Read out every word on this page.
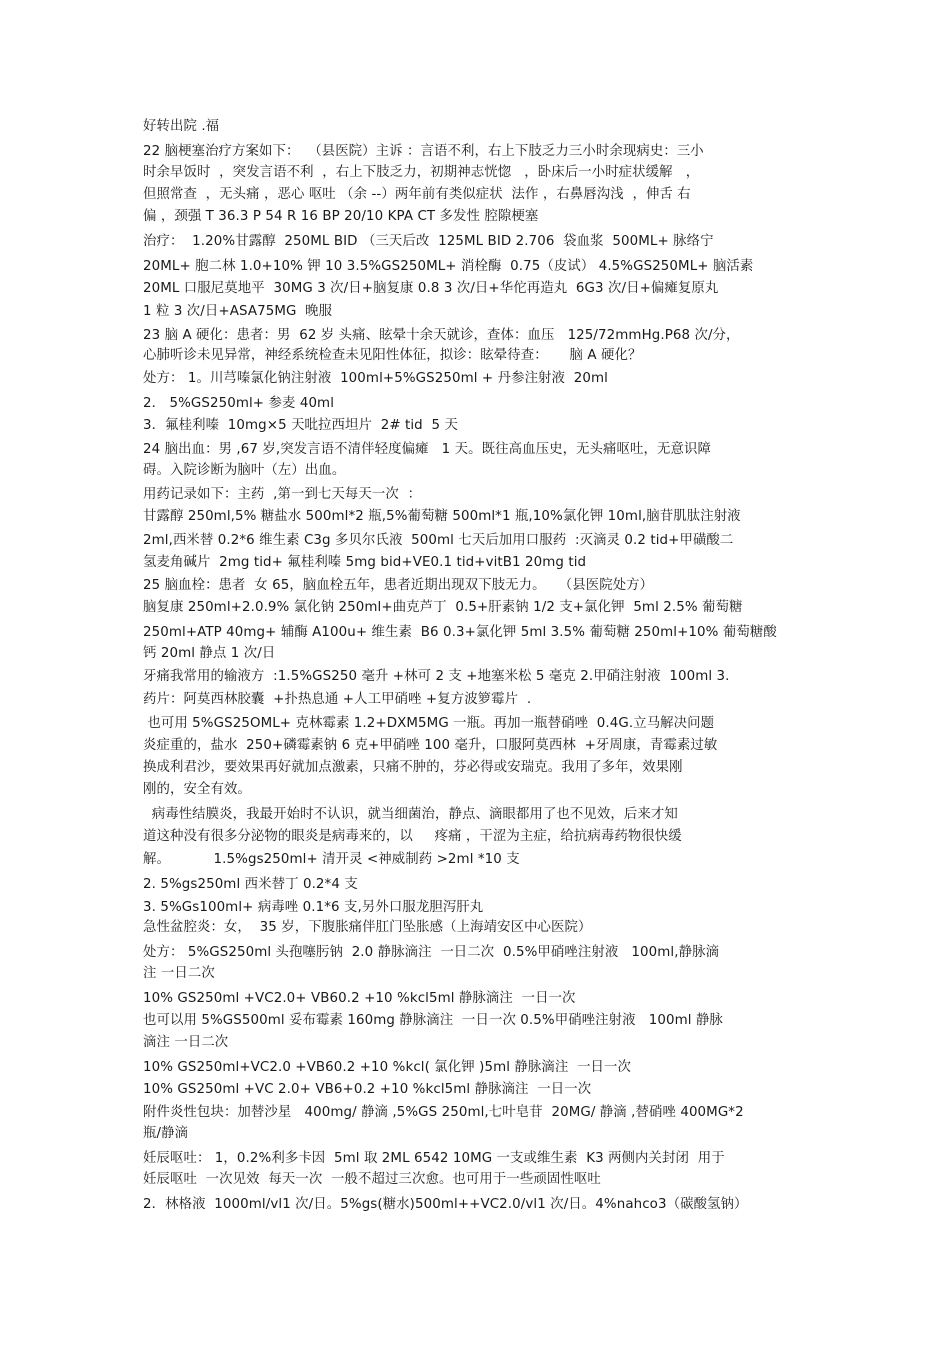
好转出院 .福
22 脑梗塞治疗方案如下：  （县医院）主诉 ：言语不利，右上下肢乏力三小时余现病史：三小
时余早饭时  ，突发言语不利  ，右上下肢乏力，初期神志恍惚   ，卧床后一小时症状缓解   ，
但照常查  ，无头痛 ，恶心 呕吐 （余 --）两年前有类似症状  法作 ，右鼻唇沟浅  ，伸舌 右
偏 ，颈强 T 36.3 P 54 R 16 BP 20/10 KPA CT 多发性 腔隙梗塞
治疗：  1.20%甘露醇  250ML BID （三天后改  125ML BID 2.706  袋血浆  500ML+ 脉络宁
20ML+ 胞二林 1.0+10% 钾 10 3.5%GS250ML+ 消栓酶  0.75（皮试） 4.5%GS250ML+ 脑活素
20ML 口服尼莫地平  30MG 3 次/日+脑复康 0.8 3 次/日+华佗再造丸  6G3 次/日+偏瘫复原丸
1 粒 3 次/日+ASA75MG  晚服
23 脑 A 硬化：患者：男  62 岁 头痛、眩晕十余天就诊，查体：血压   125/72mmHg.P68 次/分，
心肺听诊未见异常，神经系统检查未见阳性体征，拟诊：眩晕待查：     脑 A 硬化？
处方： 1。川芎嗪氯化钠注射液  100ml+5%GS250ml + 丹参注射液  20ml
2． 5%GS250ml+ 参麦 40ml
3．氟桂利嗪  10mg×5 天吡拉西坦片  2# tid  5 天
24 脑出血：男 ,67 岁,突发言语不清伴轻度偏瘫   1 天。既往高血压史，无头痛呕吐，无意识障
碍。入院诊断为脑叶（左）出血。
用药记录如下：主药  ,第一到七天每天一次  ：
甘露醇 250ml,5% 糖盐水 500ml*2 瓶,5%葡萄糖 500ml*1 瓶,10%氯化钾 10ml,脑苷肌肽注射液
2ml,西米替 0.2*6 维生素 C3g 多贝尔氏液  500ml 七天后加用口服药  :灭滴灵 0.2 tid+甲磺酸二
氢麦角碱片  2mg tid+ 氟桂利嗪 5mg bid+VE0.1 tid+vitB1 20mg tid
25 脑血栓：患者  女 65，脑血栓五年，患者近期出现双下肢无力。   （县医院处方）
脑复康 250ml+2.0.9% 氯化钠 250ml+曲克芦丁  0.5+肝素钠 1/2 支+氯化钾  5ml 2.5% 葡萄糖
250ml+ATP 40mg+ 辅酶 A100u+ 维生素  B6 0.3+氯化钾 5ml 3.5% 葡萄糖 250ml+10% 葡萄糖酸
钙 20ml 静点 1 次/日
牙痛我常用的输液方  :1.5%GS250 毫升 +林可 2 支 +地塞米松 5 毫克 2.甲硝注射液  100ml 3.
药片：阿莫西林胶囊  +扑热息通 +人工甲硝唑 +复方波箩霉片  .
也可用 5%GS25OML+ 克林霉素 1.2+DXM5MG 一瓶。再加一瓶替硝唑  0.4G.立马解决问题
炎症重的，盐水  250+磷霉素钠 6 克+甲硝唑 100 毫升，口服阿莫西林  +牙周康，青霉素过敏
换成利君沙，要效果再好就加点激素，只痛不肿的，芬必得或安瑞克。我用了多年，效果刚
刚的，安全有效。
病毒性结膜炎，我最开始时不认识，就当细菌治，静点、滴眼都用了也不见效，后来才知
道这种没有很多分泌物的眼炎是病毒来的，以     疼痛 ，干涩为主症，给抗病毒药物很快缓
解。          1.5%gs250ml+ 清开灵 <神威制药 >2ml *10 支
2. 5%gs250ml 西米替丁 0.2*4 支
3. 5%Gs100ml+ 病毒唑 0.1*6 支,另外口服龙胆泻肝丸
急性盆腔炎：女，  35 岁，下腹胀痛伴肛门坠胀感（上海靖安区中心医院）
处方： 5%GS250ml 头孢噻肟钠  2.0 静脉滴注  一日二次  0.5%甲硝唑注射液   100ml,静脉滴
注 一日二次
10% GS250ml +VC2.0+ VB60.2 +10 %kcl5ml 静脉滴注  一日一次
也可以用 5%GS500ml 妥布霉素 160mg 静脉滴注  一日一次 0.5%甲硝唑注射液   100ml 静脉
滴注 一日二次
10% GS250ml+VC2.0 +VB60.2 +10 %kcl( 氯化钾 )5ml 静脉滴注  一日一次
10% GS250ml +VC 2.0+ VB6+0.2 +10 %kcl5ml 静脉滴注  一日一次
附件炎性包块：加替沙星   400mg/ 静滴 ,5%GS 250ml,七叶皂苷  20MG/ 静滴 ,替硝唑 400MG*2
瓶/静滴
妊辰呕吐： 1，0.2%利多卡因  5ml 取 2ML 6542 10MG 一支或维生素  K3 两侧内关封闭  用于
妊辰呕吐  一次见效  每天一次  一般不超过三次愈。也可用于一些顽固性呕吐
2．林格液  1000ml/vl1 次/日。5%gs(糖水)500ml++VC2.0/vl1 次/日。4%nahco3（碳酸氢钠）
